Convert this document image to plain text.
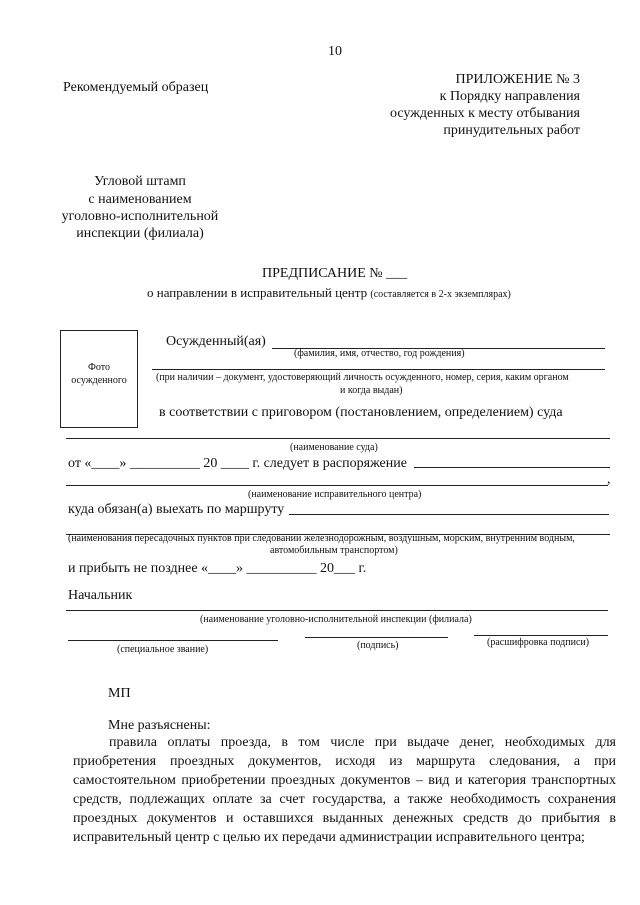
10
Рекомендуемый образец
ПРИЛОЖЕНИЕ № 3
к Порядку направления
осужденных к месту отбывания
принудительных работ
Угловой штамп
с наименованием
уголовно-исполнительной
инспекции (филиала)
ПРЕДПИСАНИЕ № ___
о направлении в исправительный центр (составляется в 2-х экземплярах)
Фото осужденного
Осужденный(ая)
(фамилия, имя, отчество, год рождения)
(при наличии – документ, удостоверяющий личность осужденного, номер, серия, каким органом
и когда выдан)
в соответствии с приговором (постановлением, определением) суда
(наименование суда)
от «____» __________ 20 ____ г. следует в распоряжение
,
(наименование исправительного центра)
куда обязан(а) выехать по маршруту
(наименования пересадочных пунктов при следовании железнодорожным, воздушным, морским, внутренним водным,
автомобильным транспортом)
и прибыть не позднее «____» __________ 20___ г.
Начальник
(наименование уголовно-исполнительной инспекции (филиала)
(специальное звание)	(подпись)	(расшифровка подписи)
МП
Мне разъяснены:
правила оплаты проезда, в том числе при выдаче денег, необходимых для приобретения проездных документов, исходя из маршрута следования, а при самостоятельном приобретении проездных документов – вид и категория транспортных средств, подлежащих оплате за счет государства, а также необходимость сохранения проездных документов и оставшихся выданных денежных средств до прибытия в исправительный центр с целью их передачи администрации исправительного центра;
